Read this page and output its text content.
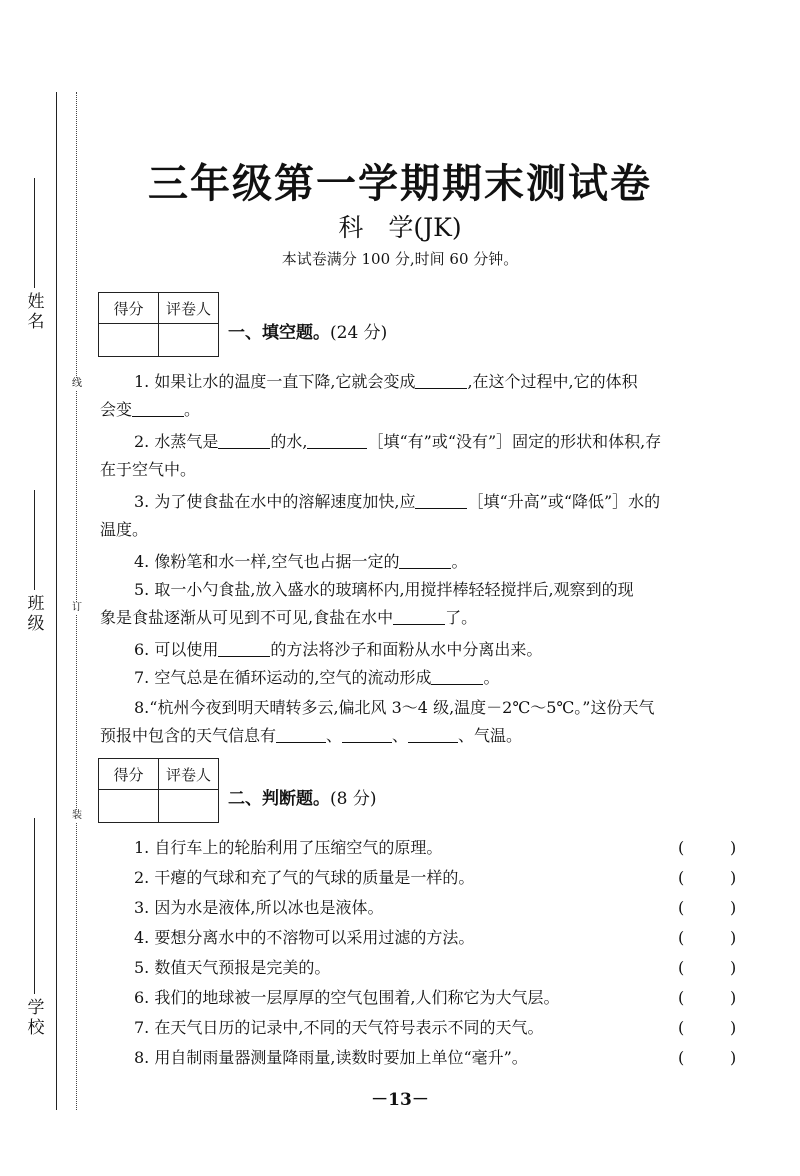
姓名
班级
学校
线
订
装
三年级第一学期期末测试卷
科　学(JK)
本试卷满分 100 分,时间 60 分钟。
得分	评卷人

一、填空题。(24 分)
1. 如果让水的温度一直下降,它就会变成	,在这个过程中,它的体积
会变	。
2. 水蒸气是	的水,	［填“有”或“没有”］固定的形状和体积,存
在于空气中。
3. 为了使食盐在水中的溶解速度加快,应	［填“升高”或“降低”］水的
温度。
4. 像粉笔和水一样,空气也占据一定的	。
5. 取一小勺食盐,放入盛水的玻璃杯内,用搅拌棒轻轻搅拌后,观察到的现
象是食盐逐渐从可见到不可见,食盐在水中	了。
6. 可以使用	的方法将沙子和面粉从水中分离出来。
7. 空气总是在循环运动的,空气的流动形成	。
8.“杭州今夜到明天晴转多云,偏北风 3～4 级,温度－2℃～5℃。”这份天气
预报中包含的天气信息有	、	、	、气温。
得分	评卷人

二、判断题。(8 分)
1. 自行车上的轮胎利用了压缩空气的原理。	(	)
2. 干瘪的气球和充了气的气球的质量是一样的。	(	)
3. 因为水是液体,所以冰也是液体。	(	)
4. 要想分离水中的不溶物可以采用过滤的方法。	(	)
5. 数值天气预报是完美的。	(	)
6. 我们的地球被一层厚厚的空气包围着,人们称它为大气层。	(	)
7. 在天气日历的记录中,不同的天气符号表示不同的天气。	(	)
8. 用自制雨量器测量降雨量,读数时要加上单位“毫升”。	(	)
－13－
